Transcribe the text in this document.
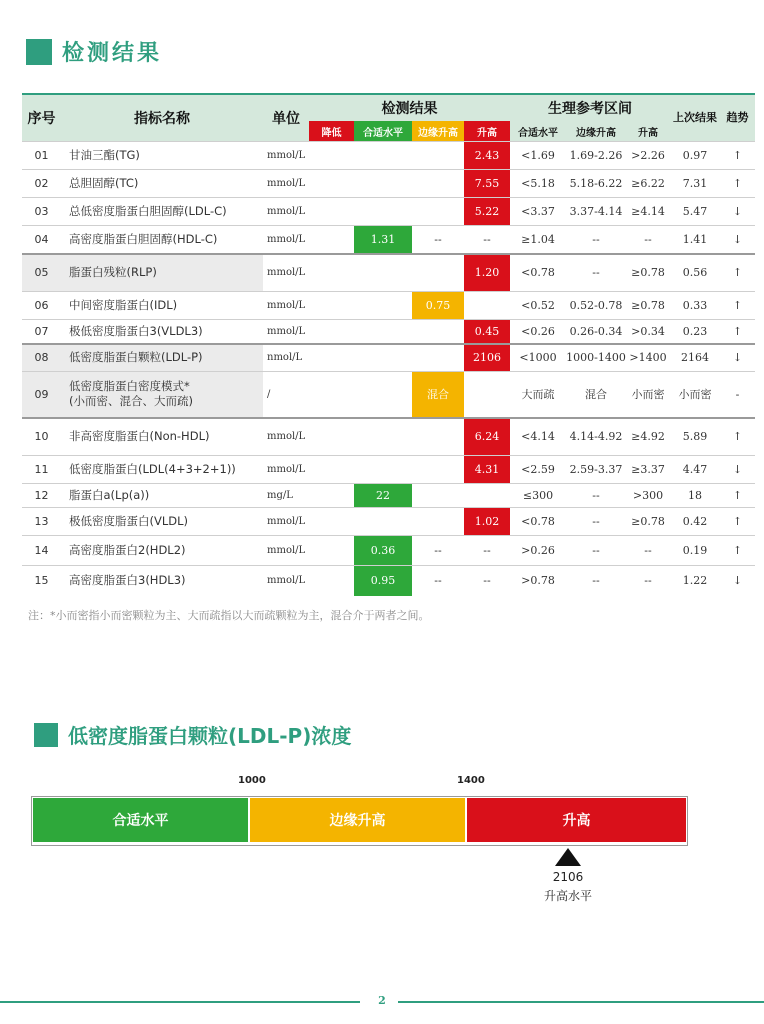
检测结果
序号	指标名称	单位	检测结果				生理参考区间			上次结果	趋势
			降低	合适水平	边缘升高	升高	合适水平	边缘升高	升高		
01	甘油三酯(TG)	mmol/L				2.43	<1.69	1.69-2.26	>2.26	0.97	↑
02	总胆固醇(TC)	mmol/L				7.55	<5.18	5.18-6.22	≥6.22	7.31	↑
03	总低密度脂蛋白胆固醇(LDL-C)	mmol/L				5.22	<3.37	3.37-4.14	≥4.14	5.47	↓
04	高密度脂蛋白胆固醇(HDL-C)	mmol/L		1.31	--	--	≥1.04	--	--	1.41	↓
05	脂蛋白残粒(RLP)	mmol/L				1.20	<0.78	--	≥0.78	0.56	↑
06	中间密度脂蛋白(IDL)	mmol/L			0.75		<0.52	0.52-0.78	≥0.78	0.33	↑
07	极低密度脂蛋白3(VLDL3)	mmol/L				0.45	<0.26	0.26-0.34	>0.34	0.23	↑
08	低密度脂蛋白颗粒(LDL-P)	nmol/L				2106	<1000	1000-1400	>1400	2164	↓
09	低密度脂蛋白密度模式*
(小而密、混合、大而疏)	/			混合		大而疏	混合	小而密	小而密	-
10	非高密度脂蛋白(Non-HDL)	mmol/L				6.24	<4.14	4.14-4.92	≥4.92	5.89	↑
11	低密度脂蛋白(LDL(4+3+2+1))	mmol/L				4.31	<2.59	2.59-3.37	≥3.37	4.47	↓
12	脂蛋白a(Lp(a))	mg/L		22			≤300	--	>300	18	↑
13	极低密度脂蛋白(VLDL)	mmol/L				1.02	<0.78	--	≥0.78	0.42	↑
14	高密度脂蛋白2(HDL2)	mmol/L		0.36	--	--	>0.26	--	--	0.19	↑
15	高密度脂蛋白3(HDL3)	mmol/L		0.95	--	--	>0.78	--	--	1.22	↓
注：*小而密指小而密颗粒为主、大而疏指以大而疏颗粒为主，混合介于两者之间。
低密度脂蛋白颗粒(LDL-P)浓度
1000	1400
合适水平	边缘升高	升高
2106
升高水平
2
